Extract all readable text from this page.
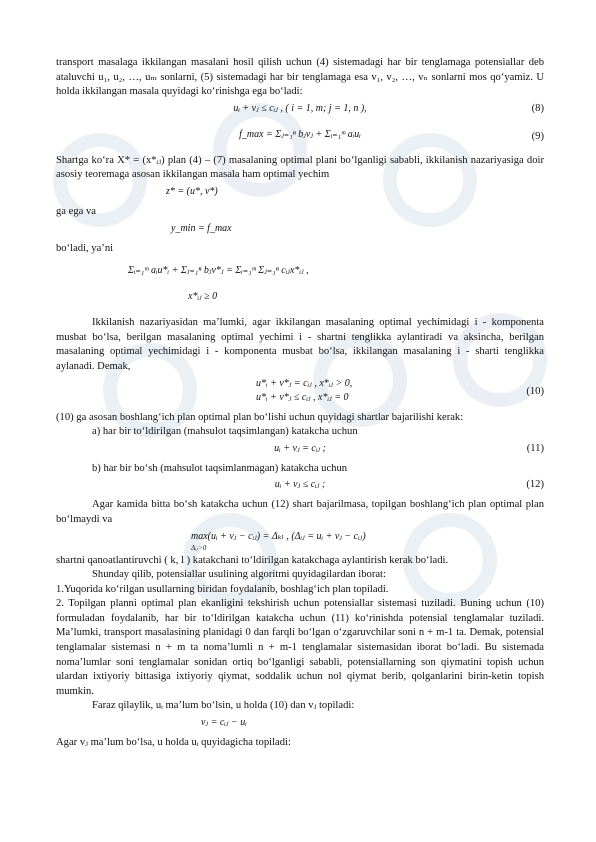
transport masalaga ikkilangan masalani hosil qilish uchun (4) sistemadagi har bir tenglamaga potensiallar deb ataluvchi u₁, u₂, …, uₘ sonlarni, (5) sistemadagi har bir tenglamaga esa v₁, v₂, …, vₙ sonlarni mos qo‘yamiz. U holda ikkilangan masala quyidagi ko‘rinishga ega bo‘ladi:

uᵢ + vⱼ ≤ cᵢⱼ , ( i = 1, m; j = 1, n ),	(8)
f_max = Σⱼ₌₁ⁿ bⱼvⱼ + Σᵢ₌₁ᵐ aᵢuᵢ	(9)

Shartga ko‘ra X* = (x*ᵢⱼ) plan (4) – (7) masalaning optimal plani bo‘lganligi sababli, ikkilanish nazariyasiga doir asosiy teoremaga asosan ikkilangan masala ham optimal yechim

z* = (u*, v*)

ga ega va

y_min = f_max

bo‘ladi, ya’ni

Σᵢ₌₁ᵐ aᵢu*ᵢ + Σⱼ₌₁ⁿ bⱼv*ⱼ = Σᵢ₌₁ᵐ Σⱼ₌₁ⁿ cᵢⱼx*ᵢⱼ ,
x*ᵢⱼ ≥ 0

Ikkilanish nazariyasidan ma’lumki, agar ikkilangan masalaning optimal yechimidagi i - komponenta musbat bo‘lsa, berilgan masalaning optimal yechimi i - shartni tenglikka aylantiradi va aksincha, berilgan masalaning optimal yechimidagi i - komponenta musbat bo‘lsa, ikkilangan masalaning i - sharti tenglikka aylanadi. Demak,

u*ᵢ + v*ⱼ = cᵢⱼ , x*ᵢⱼ > 0,
u*ᵢ + v*ⱼ ≤ cᵢⱼ , x*ᵢⱼ = 0
(10)

(10) ga asosan boshlang‘ich plan optimal plan bo‘lishi uchun quyidagi shartlar bajarilishi kerak:

a) har bir to‘ldirilgan (mahsulot taqsimlangan) katakcha uchun

uᵢ + vⱼ = cᵢⱼ ;	(11)

b) har bir bo‘sh (mahsulot taqsimlanmagan) katakcha uchun

uᵢ + vⱼ ≤ cᵢⱼ ;	(12)

Agar kamida bitta bo‘sh katakcha uchun (12) shart bajarilmasa, topilgan boshlang‘ich plan optimal plan bo‘lmaydi va

max(uᵢ + vⱼ − cᵢⱼ) = Δₖₗ , (Δᵢⱼ = uᵢ + vⱼ − cᵢⱼ)
Δᵢⱼ>0

shartni qanoatlantiruvchi ( k, l ) katakchani to‘ldirilgan katakchaga aylantirish kerak bo‘ladi.

Shunday qilib, potensiallar usulining algoritmi quyidagilardan iborat:

1.Yuqorida ko‘rilgan usullarning biridan foydalanib, boshlag‘ich plan topiladi.

2. Topilgan planni optimal plan ekanligini tekshirish uchun potensiallar sistemasi tuziladi. Buning uchun (10) formuladan foydalanib, har bir to‘ldirilgan katakcha uchun (11) ko‘rinishda potensial tenglamalar tuziladi. Ma’lumki, transport masalasining planidagi 0 dan farqli bo‘lgan o‘zgaruvchilar soni n + m-1 ta. Demak, potensial tenglamalar sistemasi n + m ta noma’lumli n + m-1 tenglamalar sistemasidan iborat bo‘ladi. Bu sistemada noma’lumlar soni tenglamalar sonidan ortiq bo‘lganligi sababli, potensiallarning son qiymatini topish uchun ulardan ixtiyoriy bittasiga ixtiyoriy qiymat, soddalik uchun nol qiymat berib, qolganlarini birin-ketin topish mumkin.

Faraz qilaylik, uᵢ ma’lum bo‘lsin, u holda (10) dan vⱼ topiladi:

vⱼ = cᵢⱼ − uᵢ

Agar vⱼ ma’lum bo‘lsa, u holda uᵢ quyidagicha topiladi:
